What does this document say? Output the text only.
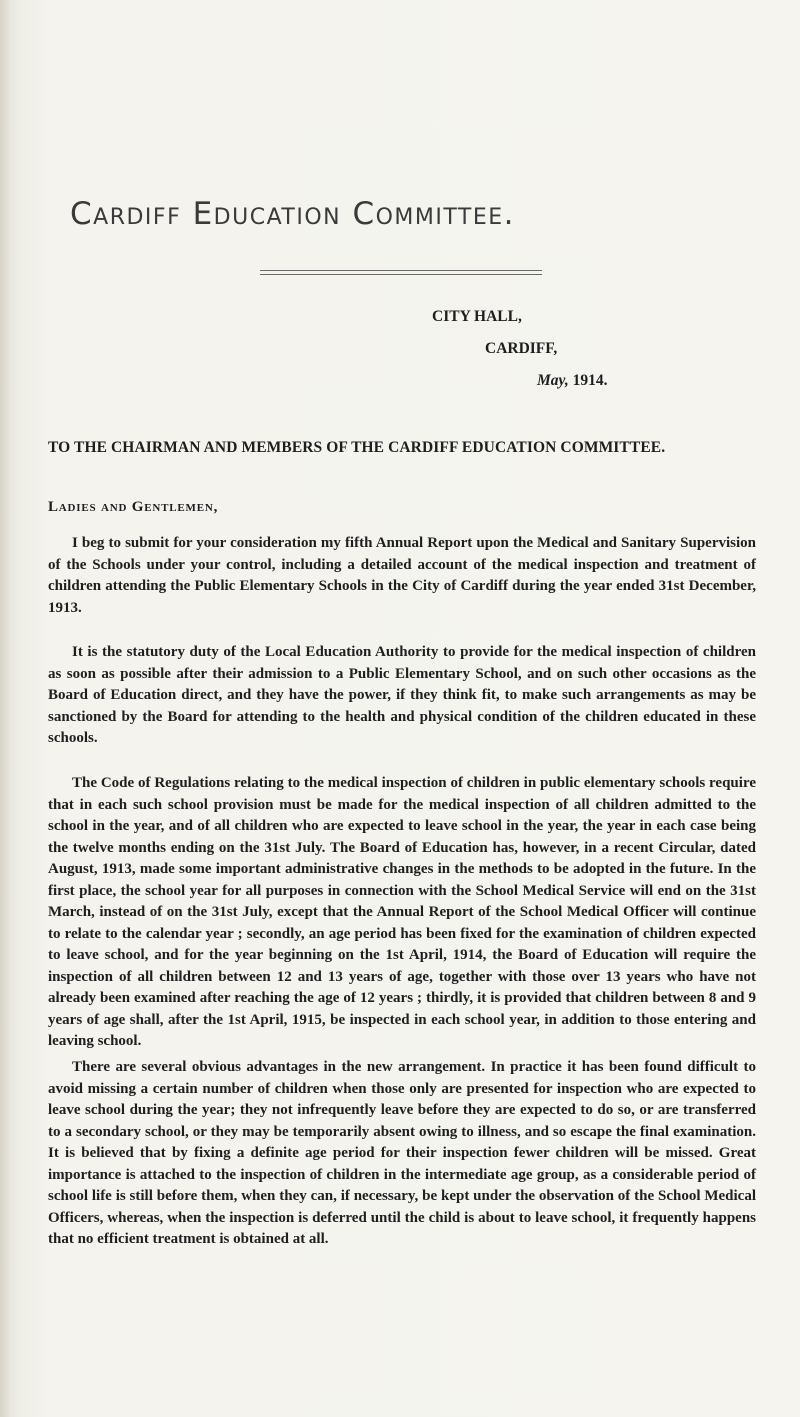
Cardiff Education Committee.
CITY HALL,
CARDIFF,
May, 1914.
TO THE CHAIRMAN AND MEMBERS OF THE CARDIFF EDUCATION COMMITTEE.
Ladies and Gentlemen,

I beg to submit for your consideration my fifth Annual Report upon the Medical and Sanitary Supervision of the Schools under your control, including a detailed account of the medical inspection and treatment of children attending the Public Elementary Schools in the City of Cardiff during the year ended 31st December, 1913.

It is the statutory duty of the Local Education Authority to provide for the medical inspection of children as soon as possible after their admission to a Public Elementary School, and on such other occasions as the Board of Education direct, and they have the power, if they think fit, to make such arrangements as may be sanctioned by the Board for attending to the health and physical condition of the children educated in these schools.

The Code of Regulations relating to the medical inspection of children in public elementary schools require that in each such school provision must be made for the medical inspection of all children admitted to the school in the year, and of all children who are expected to leave school in the year, the year in each case being the twelve months ending on the 31st July. The Board of Education has, however, in a recent Circular, dated August, 1913, made some important administrative changes in the methods to be adopted in the future. In the first place, the school year for all purposes in connection with the School Medical Service will end on the 31st March, instead of on the 31st July, except that the Annual Report of the School Medical Officer will continue to relate to the calendar year ; secondly, an age period has been fixed for the examination of children expected to leave school, and for the year beginning on the 1st April, 1914, the Board of Education will require the inspection of all children between 12 and 13 years of age, together with those over 13 years who have not already been examined after reaching the age of 12 years ; thirdly, it is provided that children between 8 and 9 years of age shall, after the 1st April, 1915, be inspected in each school year, in addition to those entering and leaving school.

There are several obvious advantages in the new arrangement. In practice it has been found difficult to avoid missing a certain number of children when those only are presented for inspection who are expected to leave school during the year; they not infrequently leave before they are expected to do so, or are transferred to a secondary school, or they may be temporarily absent owing to illness, and so escape the final examination. It is believed that by fixing a definite age period for their inspection fewer children will be missed. Great importance is attached to the inspection of children in the intermediate age group, as a considerable period of school life is still before them, when they can, if necessary, be kept under the observation of the School Medical Officers, whereas, when the inspection is deferred until the child is about to leave school, it frequently happens that no efficient treatment is obtained at all.
